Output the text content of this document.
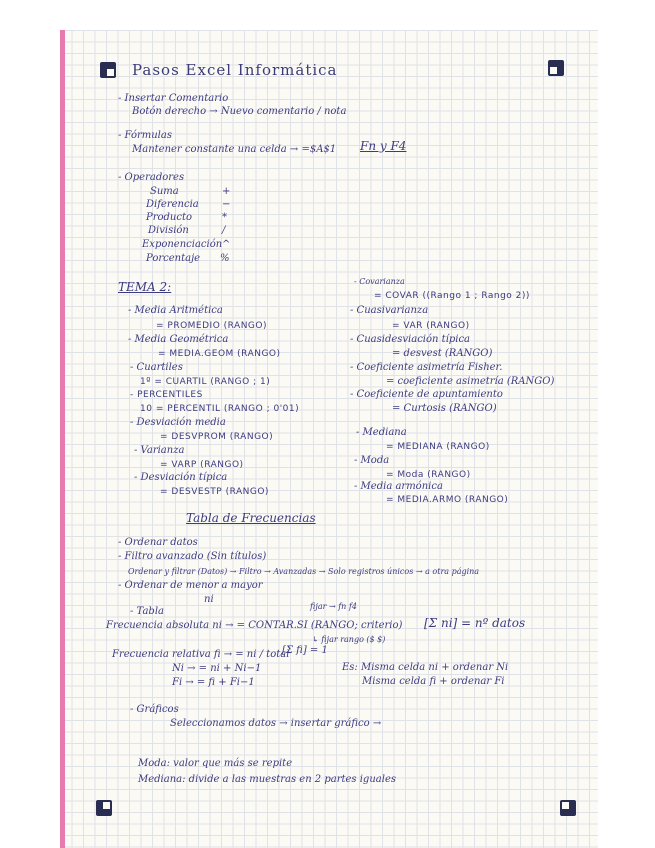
Pasos Excel Informática
- Insertar Comentario
Botón derecho → Nuevo comentario / nota
- Fórmulas
Mantener constante una celda → =$A$1 Fn y F4
- Operadores
Suma	+
Diferencia −
Producto	*
División	/
Exponenciación ^
Porcentaje %
TEMA 2:
- Media Aritmética
= PROMEDIO (RANGO)
- Media Geométrica
= MEDIA.GEOM (RANGO)
- Cuartiles
1º = CUARTIL (RANGO ; 1)
- PERCENTILES
10 = PERCENTIL (RANGO ; 0'01)
- Desviación media
= DESVPROM (RANGO)
- Varianza
= VARP (RANGO)
- Desviación típica
= DESVESTP (RANGO)
- Covarianza
= COVAR ((Rango 1 ; Rango 2))
- Cuasivarianza
= VAR (RANGO)
- Cuasidesviación típica
= desvest (RANGO)
- Coeficiente asimetría Fisher.
= coeficiente asimetría (RANGO)
- Coeficiente de apuntamiento
= Curtosis (RANGO)
- Mediana
= MEDIANA (RANGO)
- Moda
= Moda (RANGO)
- Media armónica
= MEDIA.ARMO (RANGO)
Tabla de Frecuencias
- Ordenar datos
- Filtro avanzado (Sin títulos)
Ordenar y filtrar (Datos) → Filtro → Avanzadas → Solo registros únicos → a otra página
- Ordenar de menor a mayor
ni
- Tabla	fijar → fn f4
Frecuencia absoluta ni → = CONTAR.SI (RANGO; criterio) [Σ ni] = nº datos
↳ fijar rango ($ $)
Frecuencia relativa fi → = ni / total
[Σ fi] = 1
Ni → = ni + Ni−1	Es: Misma celda ni + ordenar Ni
Fi → = fi + Fi−1	Misma celda fi + ordenar Fi
- Gráficos
Seleccionamos datos → insertar gráfico →
Moda: valor que más se repite
Mediana: divide a las muestras en 2 partes iguales
